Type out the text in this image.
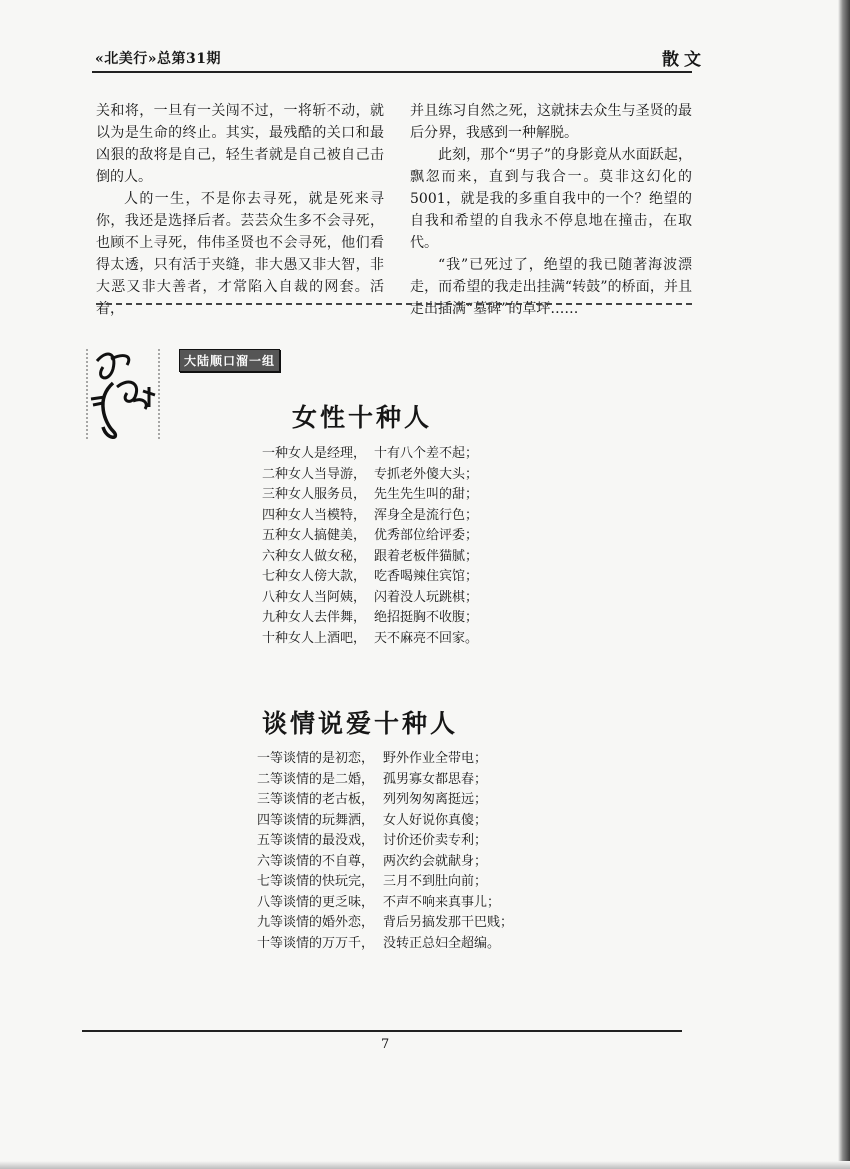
«北美行»总第31期	散文

关和将，一旦有一关闯不过，一将斩不动，就以为是生命的终止。其实，最残酷的关口和最凶狠的敌将是自己，轻生者就是自己被自己击倒的人。

人的一生，不是你去寻死，就是死来寻你，我还是选择后者。芸芸众生多不会寻死，也顾不上寻死，伟伟圣贤也不会寻死，他们看得太透，只有活于夹缝，非大愚又非大智，非大恶又非大善者，才常陷入自裁的网套。活着，

并且练习自然之死，这就抹去众生与圣贤的最后分界，我感到一种解脱。

此刻，那个“男子”的身影竟从水面跃起，飘忽而来，直到与我合一。莫非这幻化的5001，就是我的多重自我中的一个？绝望的自我和希望的自我永不停息地在撞击，在取代。

“我”已死过了，绝望的我已随著海波漂走，而希望的我走出挂满“转鼓”的桥面，并且走出插满“墓碑”的草坪……

大陆顺口溜一组
女性十种人
一种女人是经理， 十有八个差不起；
二种女人当导游， 专抓老外傻大头；
三种女人服务员， 先生先生叫的甜；
四种女人当模特， 浑身全是流行色；
五种女人搞健美， 优秀部位给评委；
六种女人做女秘， 跟着老板伴猫腻；
七种女人傍大款， 吃香喝辣住宾馆；
八种女人当阿姨， 闪着没人玩跳棋；
九种女人去伴舞， 绝招挺胸不收腹；
十种女人上酒吧， 天不麻亮不回家。
谈情说爱十种人
一等谈情的是初恋， 野外作业全带电；
二等谈情的是二婚， 孤男寡女都思春；
三等谈情的老古板， 列列匆匆离挺远；
四等谈情的玩舞洒， 女人好说你真傻；
五等谈情的最没戏， 讨价还价卖专利；
六等谈情的不自尊， 两次约会就献身；
七等谈情的快玩完， 三月不到肚向前；
八等谈情的更乏味， 不声不响来真事儿；
九等谈情的婚外恋， 背后另搞发那干巴贱；
十等谈情的万万千， 没转正总妇全超编。
7
